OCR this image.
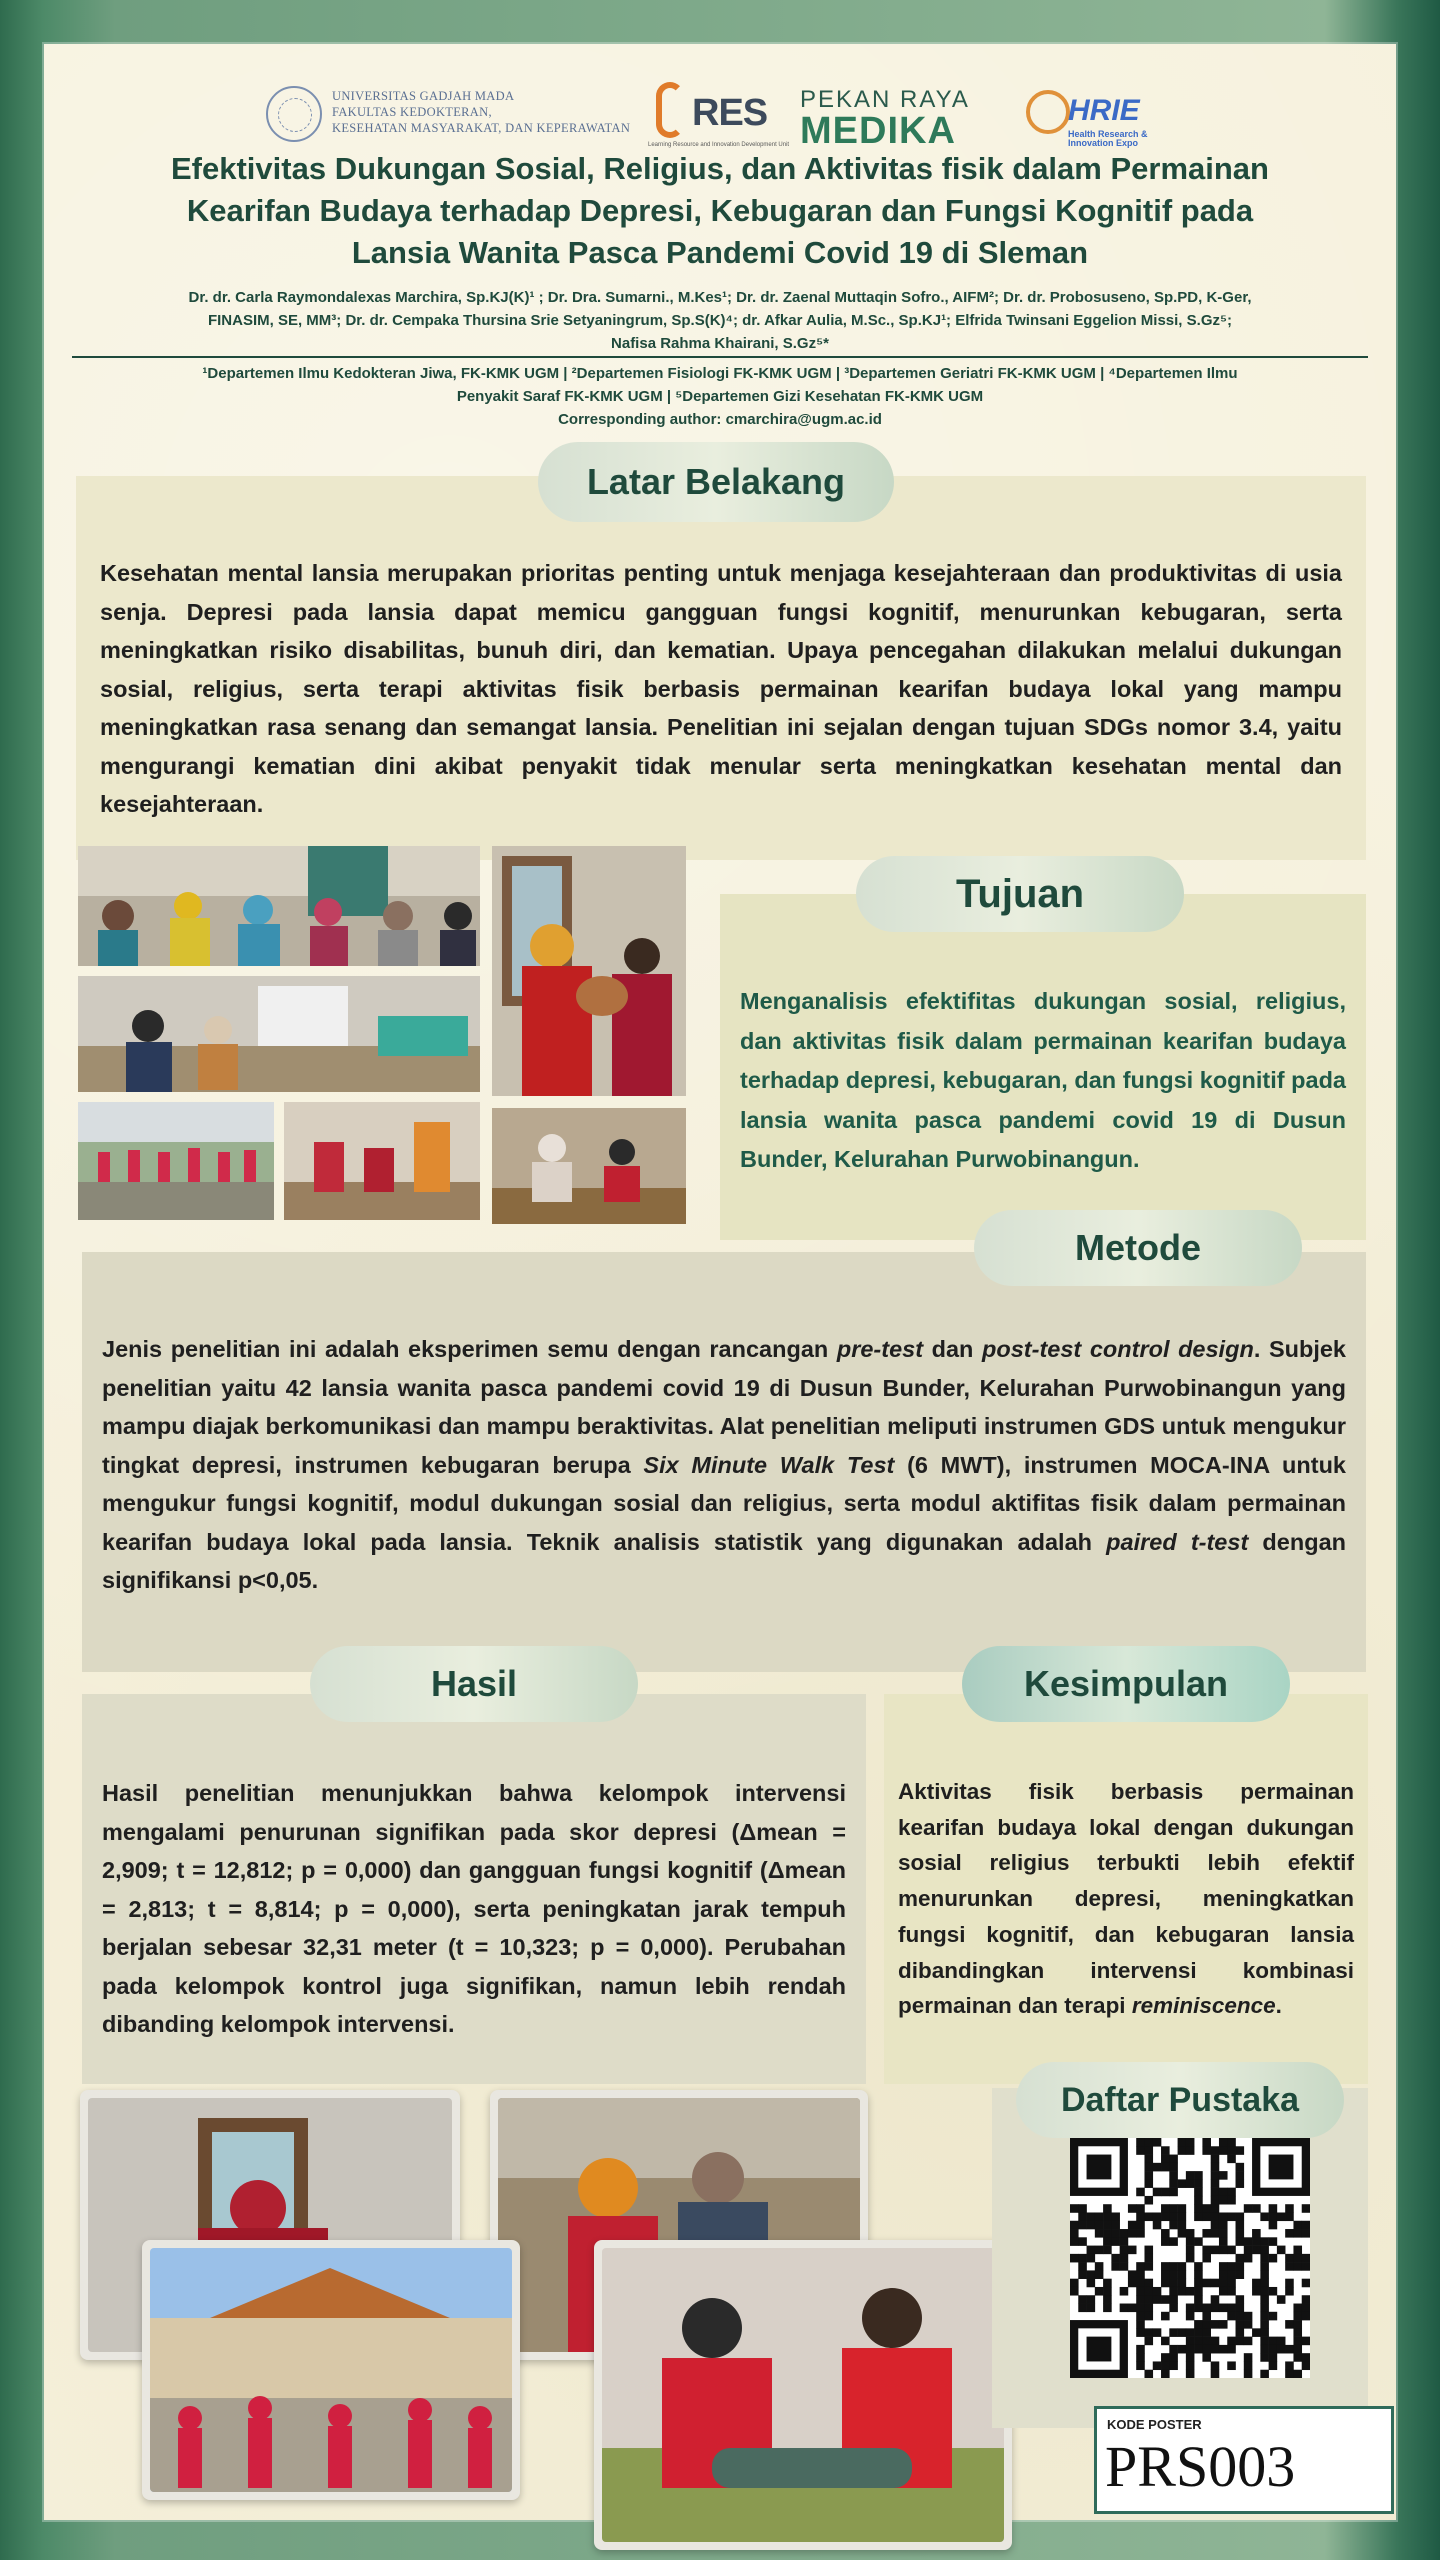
UNIVERSITAS GADJAH MADA
FAKULTAS KEDOKTERAN,
KESEHATAN MASYARAKAT, DAN KEPERAWATAN RES
Learning Resource and Innovation Development Unit
PEKAN RAYA
MEDIKA	HRIE
Health Research & Innovation Expo
Efektivitas Dukungan Sosial, Religius, dan Aktivitas fisik dalam Permainan
Kearifan Budaya terhadap Depresi, Kebugaran dan Fungsi Kognitif pada
Lansia Wanita Pasca Pandemi Covid 19 di Sleman
Dr. dr. Carla Raymondalexas Marchira, Sp.KJ(K)¹ ; Dr. Dra. Sumarni., M.Kes¹; Dr. dr. Zaenal Muttaqin Sofro., AIFM²; Dr. dr. Probosuseno, Sp.PD, K-Ger,
FINASIM, SE, MM³; Dr. dr. Cempaka Thursina Srie Setyaningrum, Sp.S(K)⁴; dr. Afkar Aulia, M.Sc., Sp.KJ¹; Elfrida Twinsani Eggelion Missi, S.Gz⁵;
Nafisa Rahma Khairani, S.Gz⁵*
¹Departemen Ilmu Kedokteran Jiwa, FK-KMK UGM | ²Departemen Fisiologi FK-KMK UGM | ³Departemen Geriatri FK-KMK UGM | ⁴Departemen Ilmu
Penyakit Saraf FK-KMK UGM | ⁵Departemen Gizi Kesehatan FK-KMK UGM
Corresponding author: cmarchira@ugm.ac.id

Kesehatan mental lansia merupakan prioritas penting untuk menjaga kesejahteraan dan produktivitas di usia senja. Depresi pada lansia dapat memicu gangguan fungsi kognitif, menurunkan kebugaran, serta meningkatkan risiko disabilitas, bunuh diri, dan kematian. Upaya pencegahan dilakukan melalui dukungan sosial, religius, serta terapi aktivitas fisik berbasis permainan kearifan budaya lokal yang mampu meningkatkan rasa senang dan semangat lansia. Penelitian ini sejalan dengan tujuan SDGs nomor 3.4, yaitu mengurangi kematian dini akibat penyakit tidak menular serta meningkatkan kesehatan mental dan kesejahteraan.

Latar Belakang

Menganalisis efektifitas dukungan sosial, religius, dan aktivitas fisik dalam permainan kearifan budaya terhadap depresi, kebugaran, dan fungsi kognitif pada lansia wanita pasca pandemi covid 19 di Dusun Bunder, Kelurahan Purwobinangun.

Tujuan

Jenis penelitian ini adalah eksperimen semu dengan rancangan pre-test dan post-test control design. Subjek penelitian yaitu 42 lansia wanita pasca pandemi covid 19 di Dusun Bunder, Kelurahan Purwobinangun yang mampu diajak berkomunikasi dan mampu beraktivitas. Alat penelitian meliputi instrumen GDS untuk mengukur tingkat depresi, instrumen kebugaran berupa Six Minute Walk Test (6 MWT), instrumen MOCA-INA untuk mengukur fungsi kognitif, modul dukungan sosial dan religius, serta modul aktifitas fisik dalam permainan kearifan budaya lokal pada lansia. Teknik analisis statistik yang digunakan adalah paired t-test dengan signifikansi p<0,05.

Metode

Hasil penelitian menunjukkan bahwa kelompok intervensi mengalami penurunan signifikan pada skor depresi (Δmean = 2,909; t = 12,812; p = 0,000) dan gangguan fungsi kognitif (Δmean = 2,813; t = 8,814; p = 0,000), serta peningkatan jarak tempuh berjalan sebesar 32,31 meter (t = 10,323; p = 0,000). Perubahan pada kelompok kontrol juga signifikan, namun lebih rendah dibanding kelompok intervensi.

Hasil

Aktivitas fisik berbasis permainan kearifan budaya lokal dengan dukungan sosial religius terbukti lebih efektif menurunkan depresi, meningkatkan fungsi kognitif, dan kebugaran lansia dibandingkan intervensi kombinasi permainan dan terapi reminiscence.

Kesimpulan
Daftar Pustaka
KODE POSTER
PRS003
